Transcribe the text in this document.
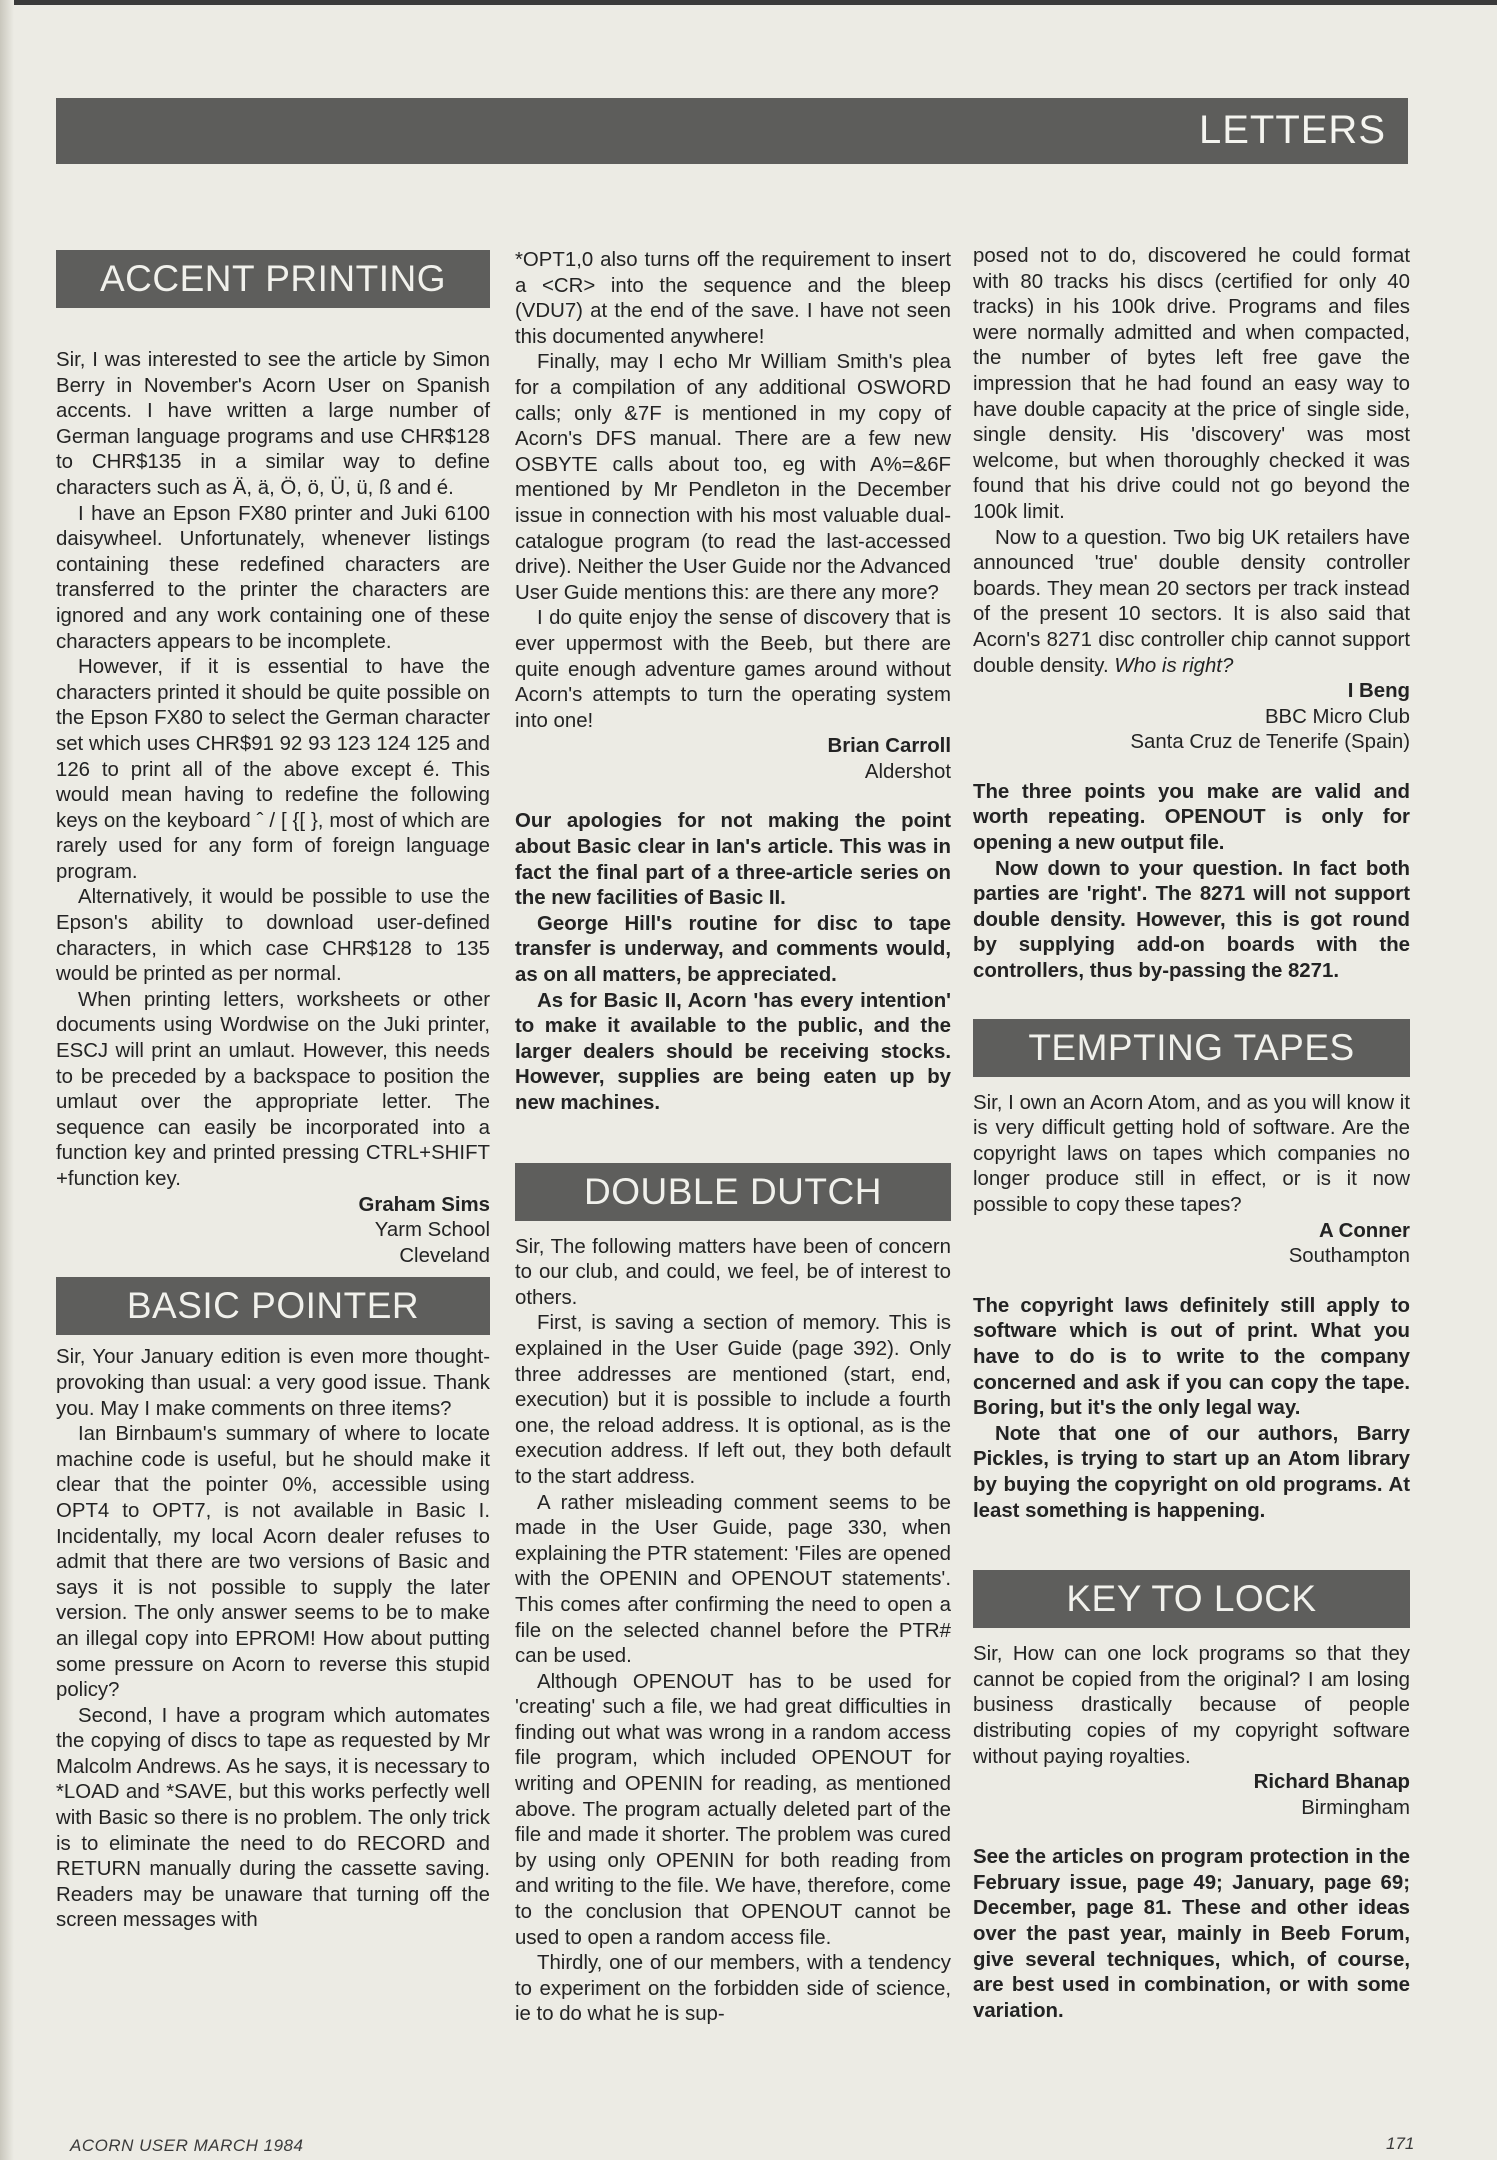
LETTERS
ACCENT PRINTING

Sir, I was interested to see the article by Simon Berry in November's Acorn User on Spanish accents. I have written a large number of German language programs and use CHR$128 to CHR$135 in a similar way to define characters such as Ä, ä, Ö, ö, Ü, ü, ß and é.

I have an Epson FX80 printer and Juki 6100 daisywheel. Unfortunately, whenever listings containing these redefined characters are transferred to the printer the characters are ignored and any work containing one of these characters appears to be incomplete.

However, if it is essential to have the characters printed it should be quite possible on the Epson FX80 to select the German character set which uses CHR$91 92 93 123 124 125 and 126 to print all of the above except é. This would mean having to redefine the following keys on the keyboard ˆ / [ {[ }, most of which are rarely used for any form of foreign language program.

Alternatively, it would be possible to use the Epson's ability to download user-defined characters, in which case CHR$128 to 135 would be printed as per normal.

When printing letters, worksheets or other documents using Wordwise on the Juki printer, ESCJ will print an umlaut. However, this needs to be preceded by a backspace to position the umlaut over the appropriate letter. The sequence can easily be incorporated into a function key and printed pressing CTRL+SHIFT +function key.

Graham Sims
Yarm School
Cleveland
BASIC POINTER

Sir, Your January edition is even more thought-provoking than usual: a very good issue. Thank you. May I make comments on three items?

Ian Birnbaum's summary of where to locate machine code is useful, but he should make it clear that the pointer 0%, accessible using OPT4 to OPT7, is not available in Basic I. Incidentally, my local Acorn dealer refuses to admit that there are two versions of Basic and says it is not possible to supply the later version. The only answer seems to be to make an illegal copy into EPROM! How about putting some pressure on Acorn to reverse this stupid policy?

Second, I have a program which automates the copying of discs to tape as requested by Mr Malcolm Andrews. As he says, it is necessary to *LOAD and *SAVE, but this works perfectly well with Basic so there is no problem. The only trick is to eliminate the need to do RECORD and RETURN manually during the cassette saving. Readers may be unaware that turning off the screen messages with

*OPT1,0 also turns off the requirement to insert a <CR> into the sequence and the bleep (VDU7) at the end of the save. I have not seen this documented anywhere!

Finally, may I echo Mr William Smith's plea for a compilation of any additional OSWORD calls; only &7F is mentioned in my copy of Acorn's DFS manual. There are a few new OSBYTE calls about too, eg with A%=&6F mentioned by Mr Pendleton in the December issue in connection with his most valuable dual-catalogue program (to read the last-accessed drive). Neither the User Guide nor the Advanced User Guide mentions this: are there any more?

I do quite enjoy the sense of discovery that is ever uppermost with the Beeb, but there are quite enough adventure games around without Acorn's attempts to turn the operating system into one!

Brian Carroll
Aldershot

Our apologies for not making the point about Basic clear in Ian's article. This was in fact the final part of a three-article series on the new facilities of Basic II.

George Hill's routine for disc to tape transfer is underway, and comments would, as on all matters, be appreciated.

As for Basic II, Acorn 'has every intention' to make it available to the public, and the larger dealers should be receiving stocks. However, supplies are being eaten up by new machines.

DOUBLE DUTCH

Sir, The following matters have been of concern to our club, and could, we feel, be of interest to others.

First, is saving a section of memory. This is explained in the User Guide (page 392). Only three addresses are mentioned (start, end, execution) but it is possible to include a fourth one, the reload address. It is optional, as is the execution address. If left out, they both default to the start address.

A rather misleading comment seems to be made in the User Guide, page 330, when explaining the PTR statement: 'Files are opened with the OPENIN and OPENOUT statements'. This comes after confirming the need to open a file on the selected channel before the PTR# can be used.

Although OPENOUT has to be used for 'creating' such a file, we had great difficulties in finding out what was wrong in a random access file program, which included OPENOUT for writing and OPENIN for reading, as mentioned above. The program actually deleted part of the file and made it shorter. The problem was cured by using only OPENIN for both reading from and writing to the file. We have, therefore, come to the conclusion that OPENOUT cannot be used to open a random access file.

Thirdly, one of our members, with a tendency to experiment on the forbidden side of science, ie to do what he is sup-

posed not to do, discovered he could format with 80 tracks his discs (certified for only 40 tracks) in his 100k drive. Programs and files were normally admitted and when compacted, the number of bytes left free gave the impression that he had found an easy way to have double capacity at the price of single side, single density. His 'discovery' was most welcome, but when thoroughly checked it was found that his drive could not go beyond the 100k limit.

Now to a question. Two big UK retailers have announced 'true' double density controller boards. They mean 20 sectors per track instead of the present 10 sectors. It is also said that Acorn's 8271 disc controller chip cannot support double density. Who is right?

I Beng
BBC Micro Club
Santa Cruz de Tenerife (Spain)

The three points you make are valid and worth repeating. OPENOUT is only for opening a new output file.

Now down to your question. In fact both parties are 'right'. The 8271 will not support double density. However, this is got round by supplying add-on boards with the controllers, thus by-passing the 8271.

TEMPTING TAPES

Sir, I own an Acorn Atom, and as you will know it is very difficult getting hold of software. Are the copyright laws on tapes which companies no longer produce still in effect, or is it now possible to copy these tapes?

A Conner
Southampton

The copyright laws definitely still apply to software which is out of print. What you have to do is to write to the company concerned and ask if you can copy the tape. Boring, but it's the only legal way.

Note that one of our authors, Barry Pickles, is trying to start up an Atom library by buying the copyright on old programs. At least something is happening.

KEY TO LOCK

Sir, How can one lock programs so that they cannot be copied from the original? I am losing business drastically because of people distributing copies of my copyright software without paying royalties.

Richard Bhanap
Birmingham

See the articles on program protection in the February issue, page 49; January, page 69; December, page 81. These and other ideas over the past year, mainly in Beeb Forum, give several techniques, which, of course, are best used in combination, or with some variation.

ACORN USER MARCH 1984	171
